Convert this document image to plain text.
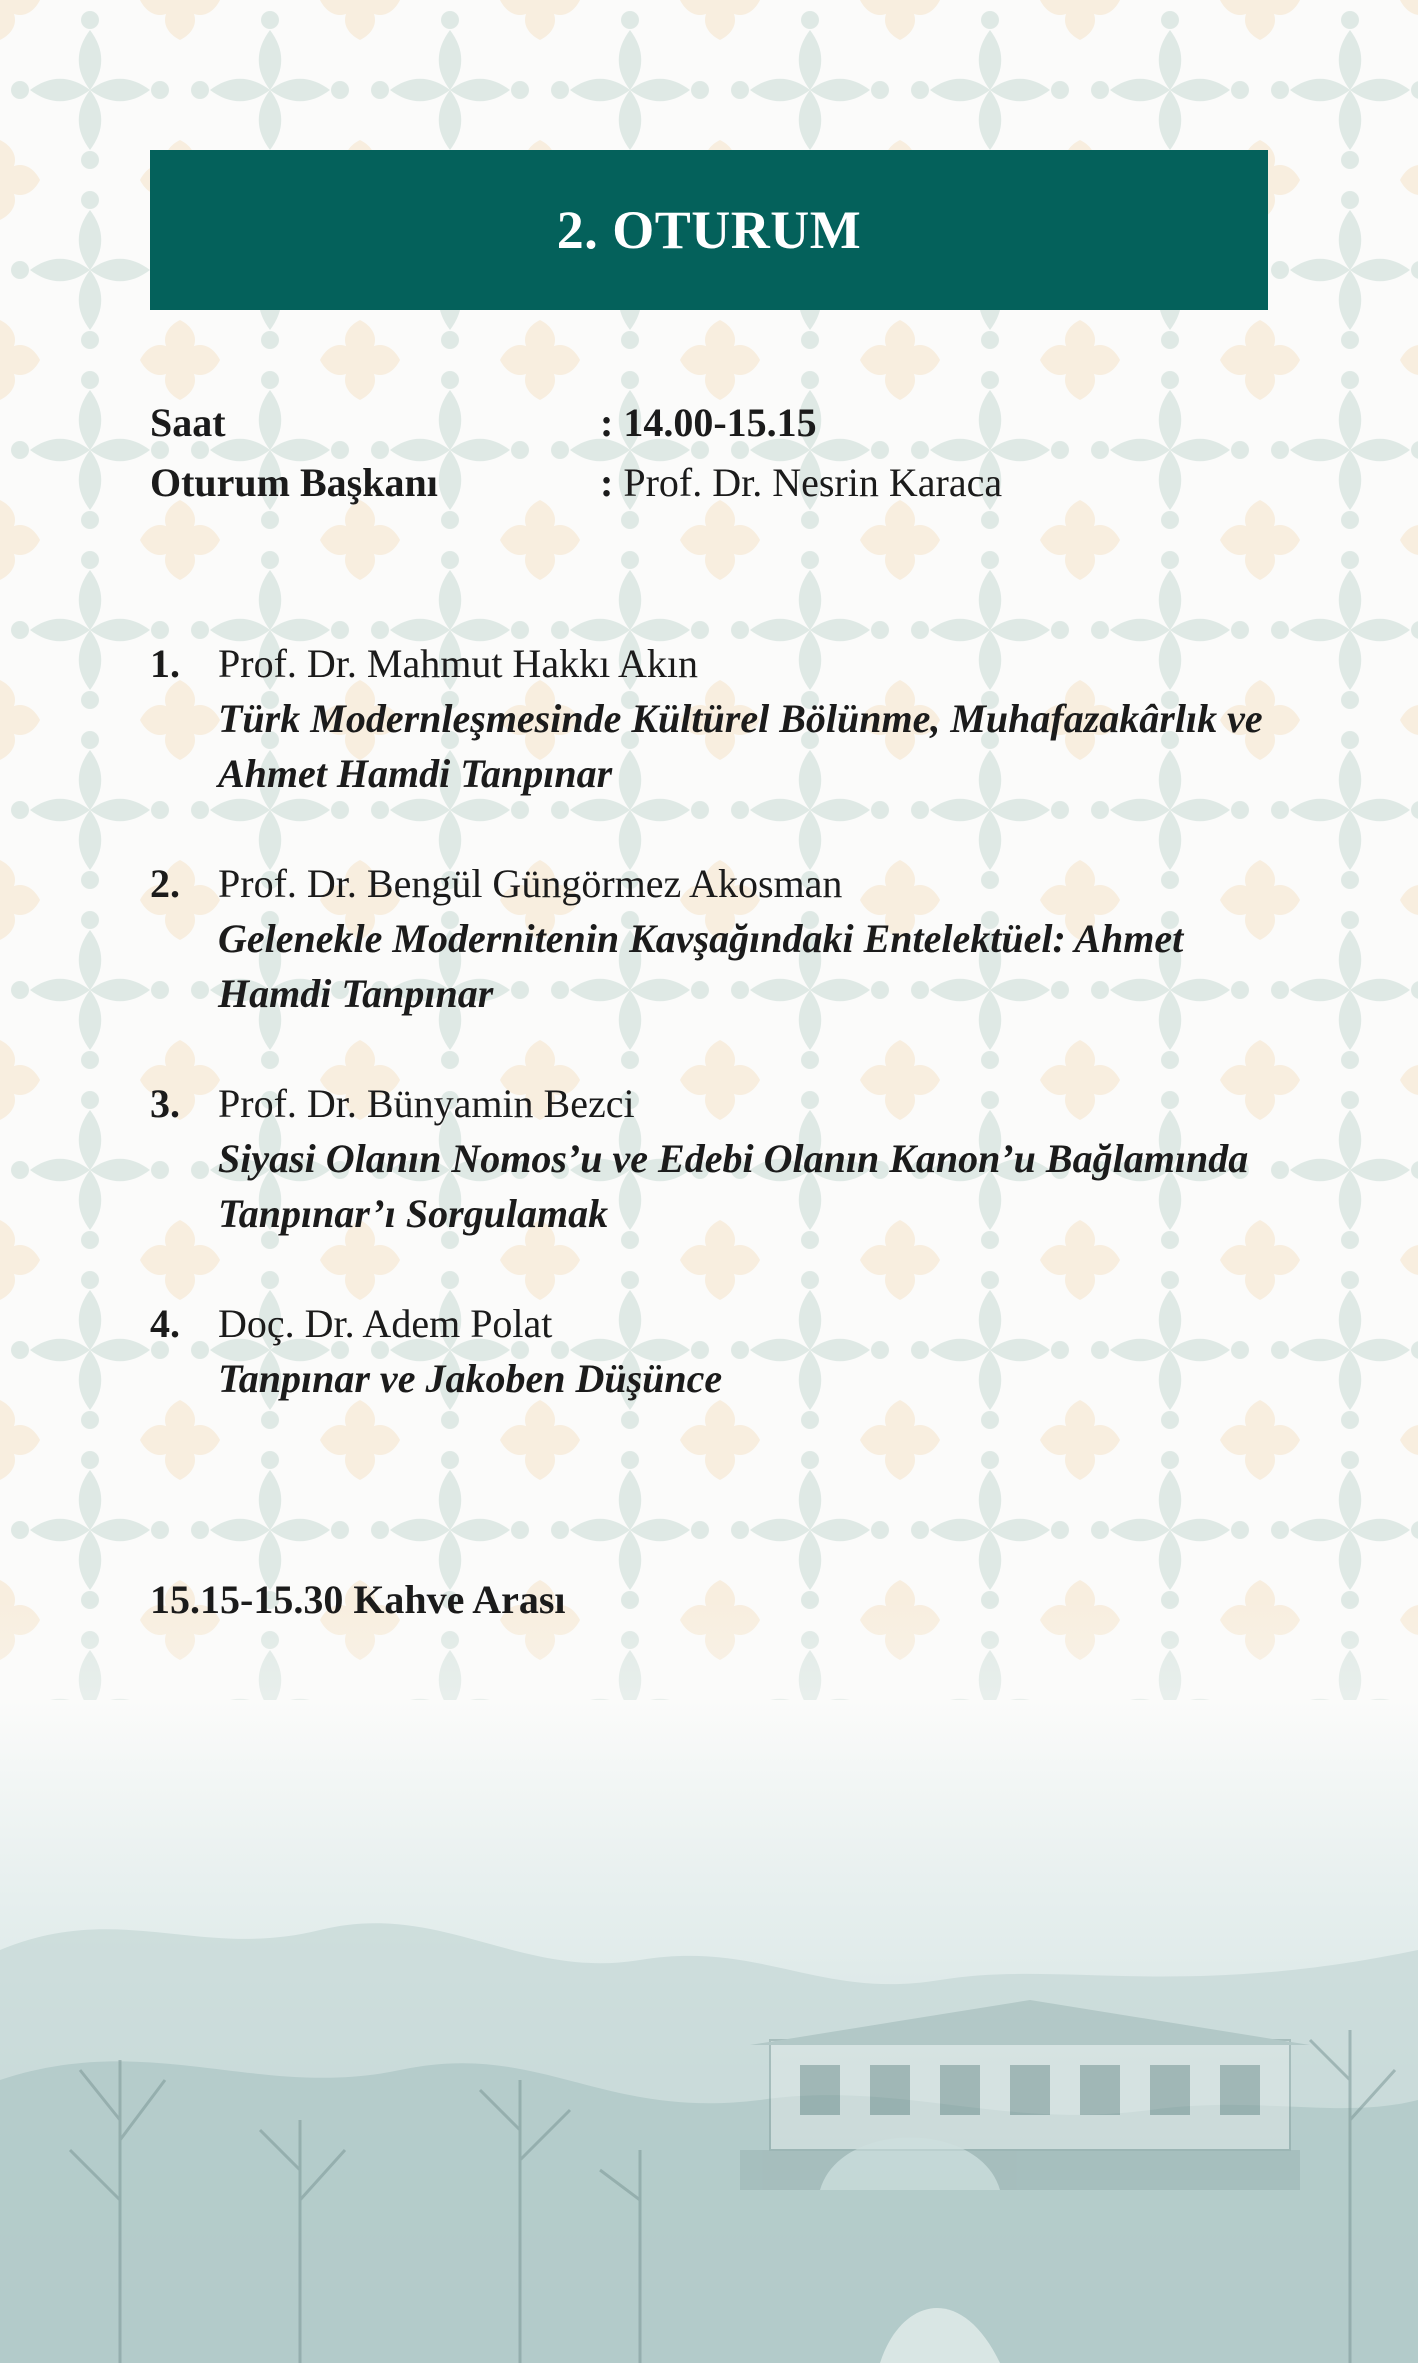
2. OTURUM
Saat	: 14.00-15.15
Oturum Başkanı	: Prof. Dr. Nesrin Karaca
1. Prof. Dr. Mahmut Hakkı Akın
Türk Modernleşmesinde Kültürel Bölünme, Muhafazakârlık ve Ahmet Hamdi Tanpınar
2. Prof. Dr. Bengül Güngörmez Akosman
Gelenekle Modernitenin Kavşağındaki Entelektüel: Ahmet Hamdi Tanpınar
3. Prof. Dr. Bünyamin Bezci
Siyasi Olanın Nomos’u ve Edebi Olanın Kanon’u Bağlamında Tanpınar’ı Sorgulamak
4. Doç. Dr. Adem Polat
Tanpınar ve Jakoben Düşünce
15.15-15.30 Kahve Arası
